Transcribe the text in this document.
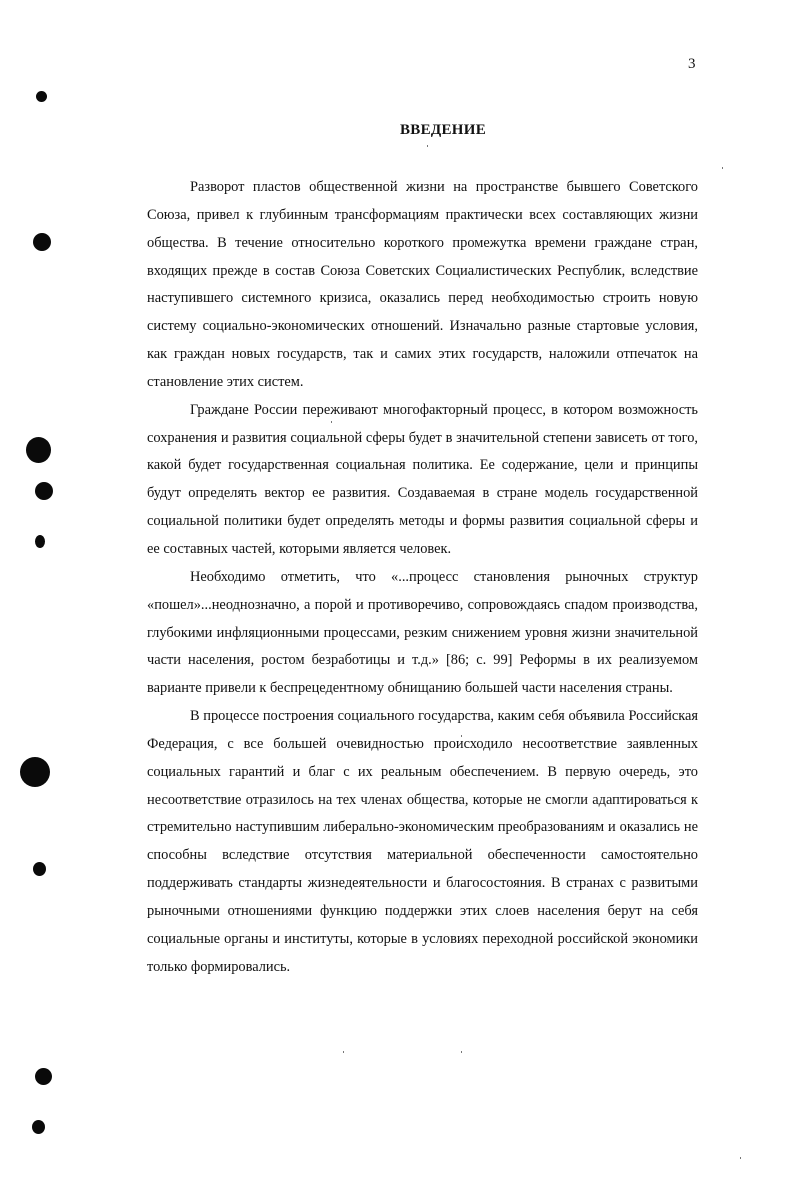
3
ВВЕДЕНИЕ

Разворот пластов общественной жизни на пространстве бывшего Советского Союза, привел к глубинным трансформациям практически всех составляющих жизни общества. В течение относительно короткого промежутка времени граждане стран, входящих прежде в состав Союза Советских Социалистических Республик, вследствие наступившего системного кризиса, оказались перед необходимостью строить новую систему социально-экономических отношений. Изначально разные стартовые условия, как граждан новых государств, так и самих этих государств, наложили отпечаток на становление этих систем.

Граждане России переживают многофакторный процесс, в котором возможность сохранения и развития социальной сферы будет в значительной степени зависеть от того, какой будет государственная социальная политика. Ее содержание, цели и принципы будут определять вектор ее развития. Создаваемая в стране модель государственной социальной политики будет определять методы и формы развития социальной сферы и ее составных частей, которыми является человек.

Необходимо отметить, что «...процесс становления рыночных структур «пошел»...неоднозначно, а порой и противоречиво, сопровождаясь спадом производства, глубокими инфляционными процессами, резким снижением уровня жизни значительной части населения, ростом безработицы и т.д.» [86; с. 99] Реформы в их реализуемом варианте привели к беспрецедентному обнищанию большей части населения страны.

В процессе построения социального государства, каким себя объявила Российская Федерация, с все большей очевидностью происходило несоответствие заявленных социальных гарантий и благ с их реальным обеспечением. В первую очередь, это несоответствие отразилось на тех членах общества, которые не смогли адаптироваться к стремительно наступившим либерально-экономическим преобразованиям и оказались не способны вследствие отсутствия материальной обеспеченности самостоятельно поддерживать стандарты жизнедеятельности и благосостояния. В странах с развитыми рыночными отношениями функцию поддержки этих слоев населения берут на себя социальные органы и институты, которые в условиях переходной российской экономики только формировались.
